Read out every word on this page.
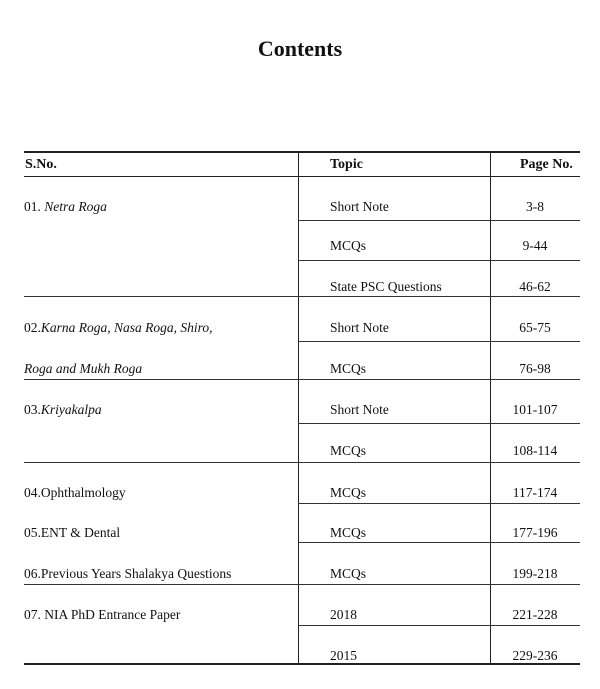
Contents
S.No.	Topic	Page No.
01. Netra Roga
02.Karna Roga, Nasa Roga, Shiro,
Roga and Mukh Roga
03.Kriyakalpa
04.Ophthalmology
05.ENT & Dental
06.Previous Years Shalakya Questions
07. NIA PhD Entrance Paper
Short Note
MCQs
State PSC Questions
Short Note
MCQs
Short Note
MCQs
MCQs
MCQs
MCQs
2018
2015
3-8
9-44
46-62
65-75
76-98
101-107
108-114
117-174
177-196
199-218
221-228
229-236
